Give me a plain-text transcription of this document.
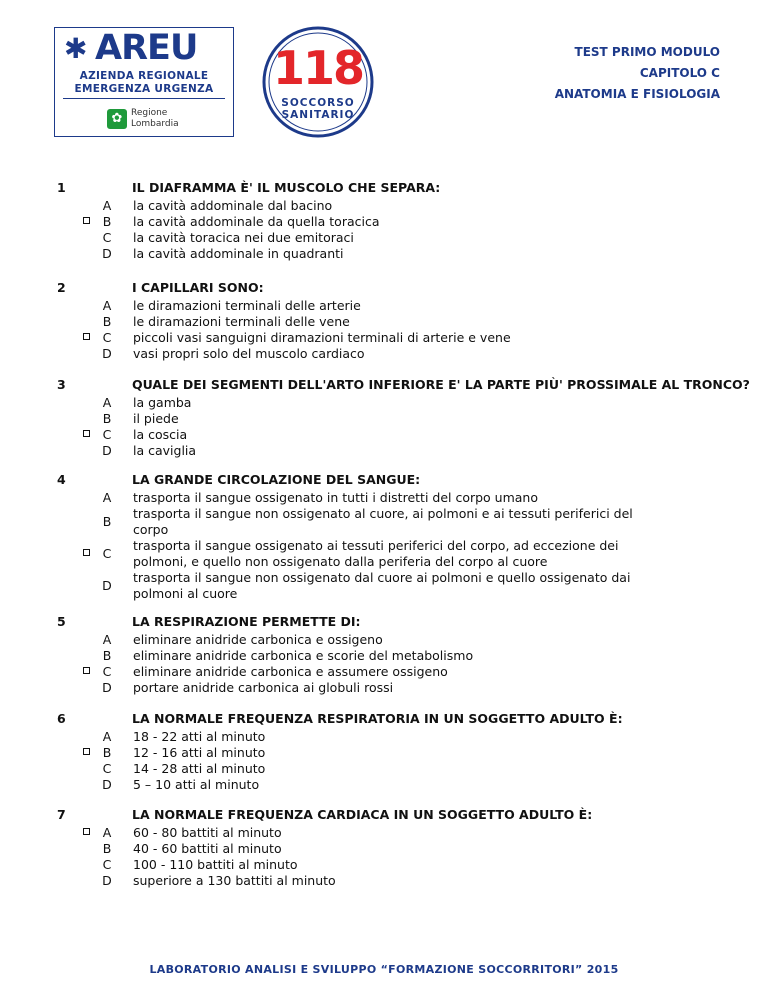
✱ AREU
AZIENDA REGIONALE
EMERGENZA URGENZA
✿ Regione
Lombardia
118
SOCCORSO
SANITARIO
TEST PRIMO MODULO
CAPITOLO C
ANATOMIA E FISIOLOGIA
1	IL DIAFRAMMA È' IL MUSCOLO CHE SEPARA:
A la cavità addominale dal bacino
B la cavità addominale da quella toracica
C la cavità toracica nei due emitoraci
D la cavità addominale in quadranti
2	I CAPILLARI SONO:
A le diramazioni terminali delle arterie
B le diramazioni terminali delle vene
C piccoli vasi sanguigni diramazioni terminali di arterie e vene
D vasi propri solo del muscolo cardiaco
3	QUALE DEI SEGMENTI DELL'ARTO INFERIORE E' LA PARTE PIÙ' PROSSIMALE AL TRONCO?
A la gamba
B il piede
C la coscia
D la caviglia
4	LA GRANDE CIRCOLAZIONE DEL SANGUE:
A trasporta il sangue ossigenato in tutti i distretti del corpo umano
B
trasporta il sangue non ossigenato al cuore, ai polmoni e ai tessuti periferici del
corpo
C
trasporta il sangue ossigenato ai tessuti periferici del corpo, ad eccezione dei
polmoni, e quello non ossigenato dalla periferia del corpo al cuore
D
trasporta il sangue non ossigenato dal cuore ai polmoni e quello ossigenato dai
polmoni al cuore
5	LA RESPIRAZIONE PERMETTE DI:
A eliminare anidride carbonica e ossigeno
B eliminare anidride carbonica e scorie del metabolismo
C eliminare anidride carbonica e assumere ossigeno
D portare anidride carbonica ai globuli rossi
6	LA NORMALE FREQUENZA RESPIRATORIA IN UN SOGGETTO ADULTO È:
A 18 - 22 atti al minuto
B 12 - 16 atti al minuto
C 14 - 28 atti al minuto
D 5 – 10 atti al minuto
7	LA NORMALE FREQUENZA CARDIACA IN UN SOGGETTO ADULTO È:
A 60 - 80 battiti al minuto
B 40 - 60 battiti al minuto
C 100 - 110 battiti al minuto
D superiore a 130 battiti al minuto
LABORATORIO ANALISI E SVILUPPO “FORMAZIONE SOCCORRITORI” 2015
